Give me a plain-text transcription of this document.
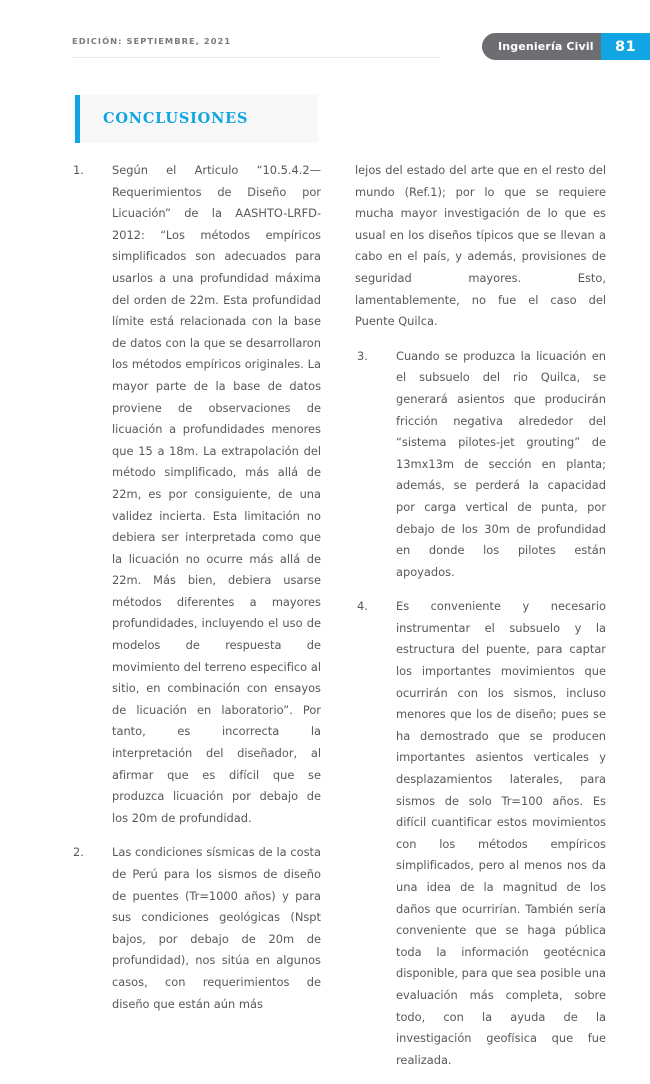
EDICIÓN: SEPTIEMBRE, 2021	Ingeniería Civil	81
CONCLUSIONES
1. Según el Articulo “10.5.4.2—Requerimientos de Diseño por Licuación” de la AASHTO-LRFD-2012: “Los métodos empíricos simplificados son adecuados para usarlos a una profundidad máxima del orden de 22m. Esta profundidad límite está relacionada con la base de datos con la que se desarrollaron los métodos empíricos originales. La mayor parte de la base de datos proviene de observaciones de licuación a profundidades menores que 15 a 18m. La extrapolación del método simplificado, más allá de 22m, es por consiguiente, de una validez incierta. Esta limitación no debiera ser interpretada como que la licuación no ocurre más allá de 22m. Más bien, debiera usarse métodos diferentes a mayores profundidades, incluyendo el uso de modelos de respuesta de movimiento del terreno especifico al sitio, en combinación con ensayos de licuación en laboratorio”. Por tanto, es incorrecta la interpretación del diseñador, al afirmar que es difícil que se produzca licuación por debajo de los 20m de profundidad.
2. Las condiciones sísmicas de la costa de Perú para los sismos de diseño de puentes (Tr=1000 años) y para sus condiciones geológicas (Nspt bajos, por debajo de 20m de profundidad), nos sitúa en algunos casos, con requerimientos de diseño que están aún más
lejos del estado del arte que en el resto del mundo (Ref.1); por lo que se requiere mucha mayor investigación de lo que es usual en los diseños típicos que se llevan a cabo en el país, y además, provisiones de seguridad mayores. Esto, lamentablemente, no fue el caso del Puente Quilca.
3. Cuando se produzca la licuación en el subsuelo del rio Quilca, se generará asientos que producirán fricción negativa alrededor del “sistema pilotes-jet grouting” de 13mx13m de sección en planta; además, se perderá la capacidad por carga vertical de punta, por debajo de los 30m de profundidad en donde los pilotes están apoyados.
4. Es conveniente y necesario instrumentar el subsuelo y la estructura del puente, para captar los importantes movimientos que ocurrirán con los sismos, incluso menores que los de diseño; pues se ha demostrado que se producen importantes asientos verticales y desplazamientos laterales, para sismos de solo Tr=100 años. Es difícil cuantificar estos movimientos con los métodos empíricos simplificados, pero al menos nos da una idea de la magnitud de los daños que ocurrirían. También sería conveniente que se haga pública toda la información geotécnica disponible, para que sea posible una evaluación más completa, sobre todo, con la ayuda de la investigación geofísica que fue realizada.
